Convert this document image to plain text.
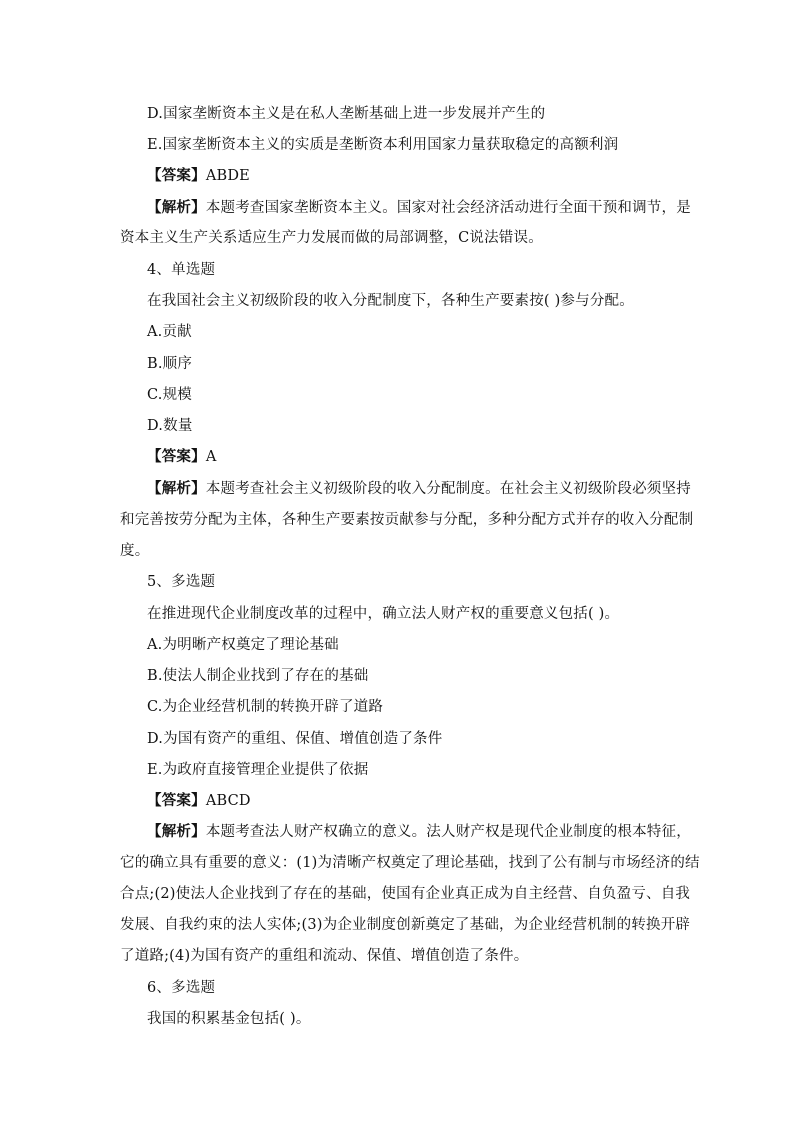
D.国家垄断资本主义是在私人垄断基础上进一步发展并产生的
E.国家垄断资本主义的实质是垄断资本利用国家力量获取稳定的高额利润
【答案】ABDE
【解析】本题考查国家垄断资本主义。国家对社会经济活动进行全面干预和调节，是
资本主义生产关系适应生产力发展而做的局部调整，C说法错误。
4、单选题
在我国社会主义初级阶段的收入分配制度下，各种生产要素按( )参与分配。
A.贡献
B.顺序
C.规模
D.数量
【答案】A
【解析】本题考查社会主义初级阶段的收入分配制度。在社会主义初级阶段必须坚持
和完善按劳分配为主体，各种生产要素按贡献参与分配，多种分配方式并存的收入分配制
度。
5、多选题
在推进现代企业制度改革的过程中，确立法人财产权的重要意义包括( )。
A.为明晰产权奠定了理论基础
B.使法人制企业找到了存在的基础
C.为企业经营机制的转换开辟了道路
D.为国有资产的重组、保值、增值创造了条件
E.为政府直接管理企业提供了依据
【答案】ABCD
【解析】本题考查法人财产权确立的意义。法人财产权是现代企业制度的根本特征，
它的确立具有重要的意义：(1)为清晰产权奠定了理论基础，找到了公有制与市场经济的结
合点;(2)使法人企业找到了存在的基础，使国有企业真正成为自主经营、自负盈亏、自我
发展、自我约束的法人实体;(3)为企业制度创新奠定了基础，为企业经营机制的转换开辟
了道路;(4)为国有资产的重组和流动、保值、增值创造了条件。
6、多选题
我国的积累基金包括( )。
